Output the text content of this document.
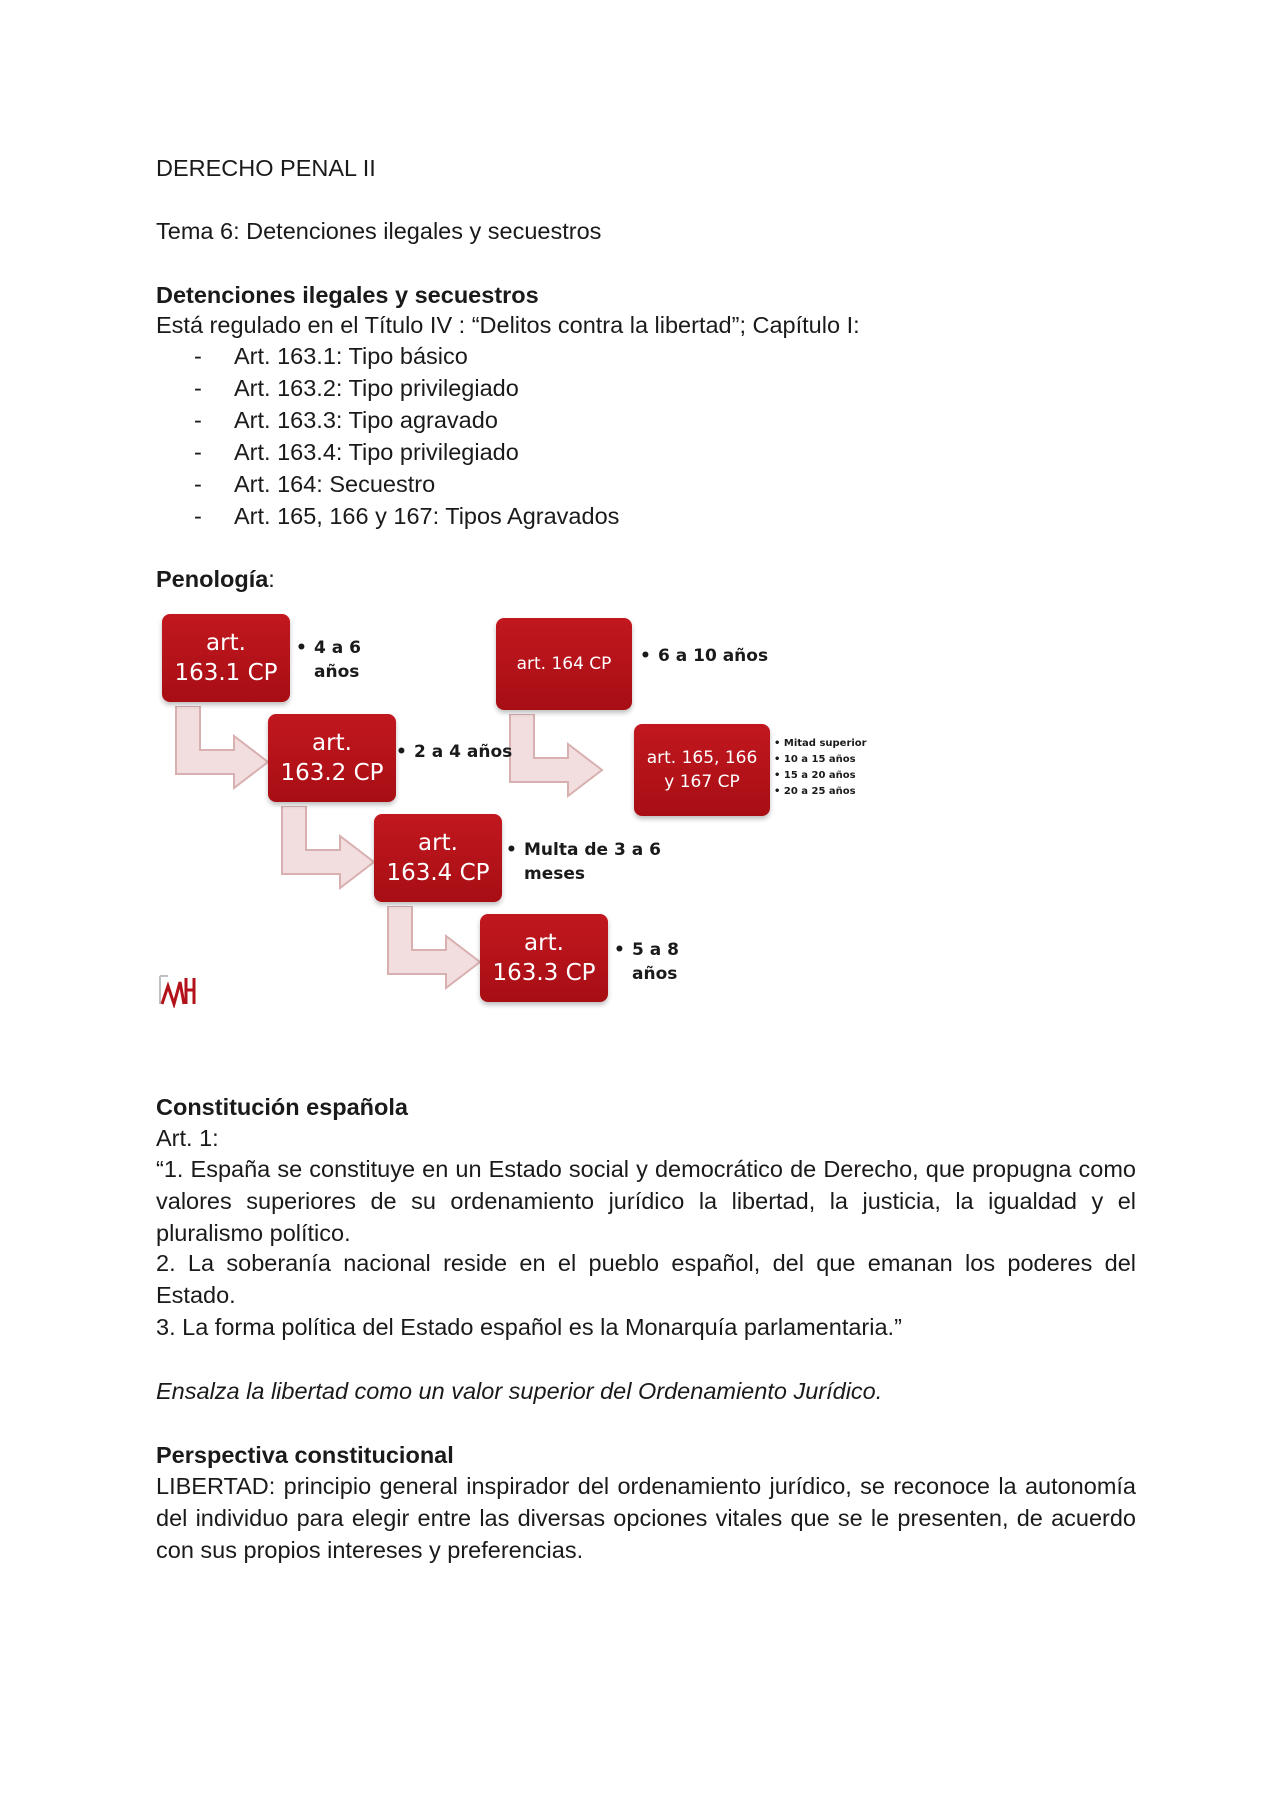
DERECHO PENAL II

Tema 6: Detenciones ilegales y secuestros

Detenciones ilegales y secuestros

Está regulado en el Título IV : “Delitos contra la libertad”; Capítulo I:

- Art. 163.1: Tipo básico
- Art. 163.2: Tipo privilegiado
- Art. 163.3: Tipo agravado
- Art. 163.4: Tipo privilegiado
- Art. 164: Secuestro
- Art. 165, 166 y 167: Tipos Agravados

Penología:

art.
163.1 CP
• 4 a 6
años
art.
163.2 CP
• 2 a 4 años
art.
163.4 CP
• Multa de 3 a 6
meses
art.
163.3 CP
• 5 a 8
años
art. 164 CP • 6 a 10 años
art. 165, 166
y 167 CP
• Mitad superior
• 10 a 15 años
• 15 a 20 años
• 20 a 25 años

Constitución española

Art. 1:

“1. España se constituye en un Estado social y democrático de Derecho, que propugna como valores superiores de su ordenamiento jurídico la libertad, la justicia, la igualdad y el pluralismo político.

2. La soberanía nacional reside en el pueblo español, del que emanan los poderes del Estado.

3. La forma política del Estado español es la Monarquía parlamentaria.”

Ensalza la libertad como un valor superior del Ordenamiento Jurídico.

Perspectiva constitucional

LIBERTAD: principio general inspirador del ordenamiento jurídico, se reconoce la autonomía del individuo para elegir entre las diversas opciones vitales que se le presenten, de acuerdo con sus propios intereses y preferencias.
